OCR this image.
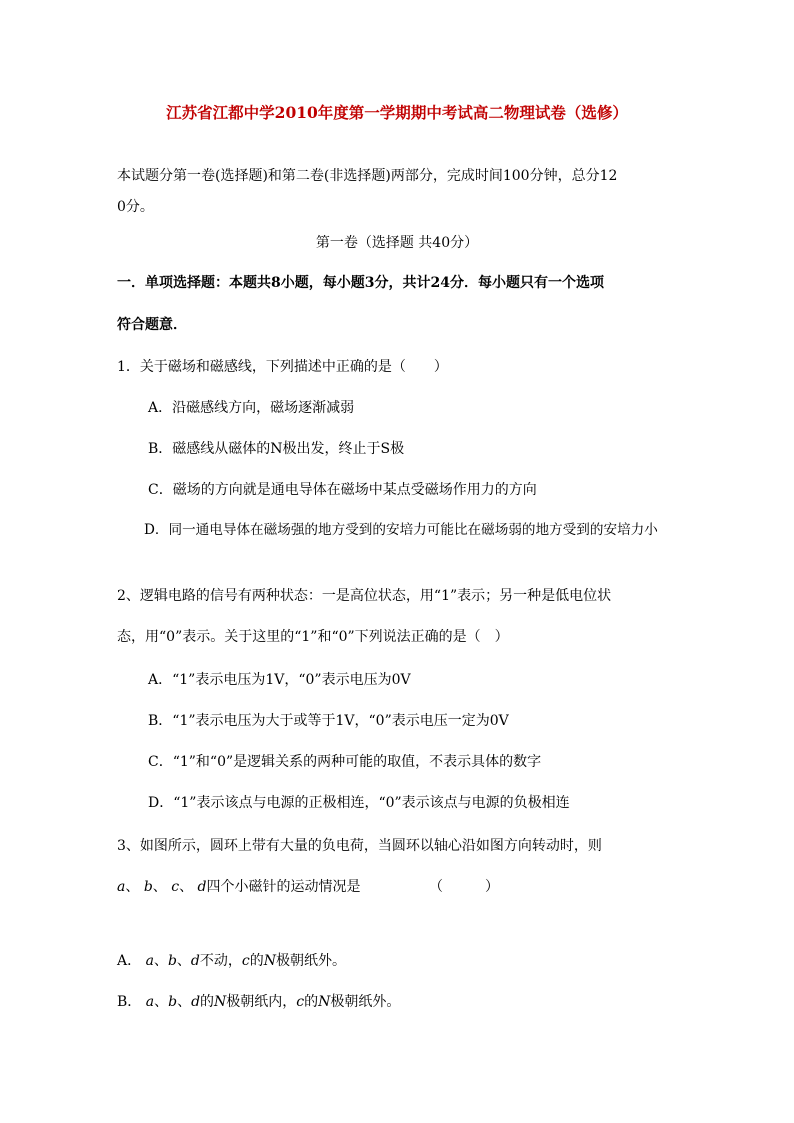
江苏省江都中学2010年度第一学期期中考试高二物理试卷（选修）
本试题分第一卷(选择题)和第二卷(非选择题)两部分，完成时间100分钟，总分12
0分。
第一卷（选择题 共40分）
一．单项选择题：本题共8小题，每小题3分，共计24分．每小题只有一个选项
符合题意．
1．关于磁场和磁感线，下列描述中正确的是（　　）
A．沿磁感线方向，磁场逐渐减弱
B．磁感线从磁体的N极出发，终止于S极
C．磁场的方向就是通电导体在磁场中某点受磁场作用力的方向
D．同一通电导体在磁场强的地方受到的安培力可能比在磁场弱的地方受到的安培力小
2、逻辑电路的信号有两种状态：一是高位状态，用“1”表示；另一种是低电位状
态，用“0”表示。关于这里的“1”和“0”下列说法正确的是（　）
A．“1”表示电压为1V，“0”表示电压为0V
B．“1”表示电压为大于或等于1V，“0”表示电压一定为0V
C．“1”和“0”是逻辑关系的两种可能的取值，不表示具体的数字
D．“1”表示该点与电源的正极相连，“0”表示该点与电源的负极相连
3、如图所示，圆环上带有大量的负电荷，当圆环以轴心沿如图方向转动时，则
a、 b、 c、 d四个小磁针的运动情况是	（　　　）
A． a、b、d不动，c的N极朝纸外。
B． a、b、d的N极朝纸内，c的N极朝纸外。
